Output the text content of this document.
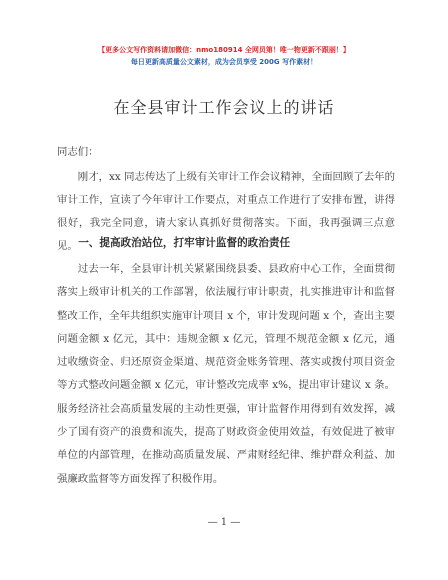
【更多公文写作资料请加微信：nmo180914 全网员第！唯一物更新不跟丽！】
每日更新高质量公文素材，成为会员享受 200G 写作素材！
在全县审计工作会议上的讲话
同志们：
刚才，xx 同志传达了上级有关审计工作会议精神，全面回顾了去年的审计工作，宣读了今年审计工作要点，对重点工作进行了安排布置，讲得很好，我完全同意，请大家认真抓好贯彻落实。下面，我再强调三点意见。 一、提高政治站位，打牢审计监督的政治责任
过去一年，全县审计机关紧紧围绕县委、县政府中心工作，全面贯彻落实上级审计机关的工作部署，依法履行审计职责，扎实推进审计和监督整改工作，全年共组织实施审计项目 x 个，审计发现问题 x 个，查出主要问题金额 x 亿元，其中：违规金额 x 亿元，管理不规范金额 x 亿元，通过收缴资金、归还原资金渠道、规范资金账务管理、落实或拨付项目资金等方式整改问题金额 x 亿元，审计整改完成率 x%，提出审计建议 x 条。服务经济社会高质量发展的主动性更强，审计监督作用得到有效发挥，减少了国有资产的浪费和流失，提高了财政资金使用效益，有效促进了被审单位的内部管理，在推动高质量发展、严肃财经纪律、维护群众利益、加强廉政监督等方面发挥了积极作用。
— 1 —
